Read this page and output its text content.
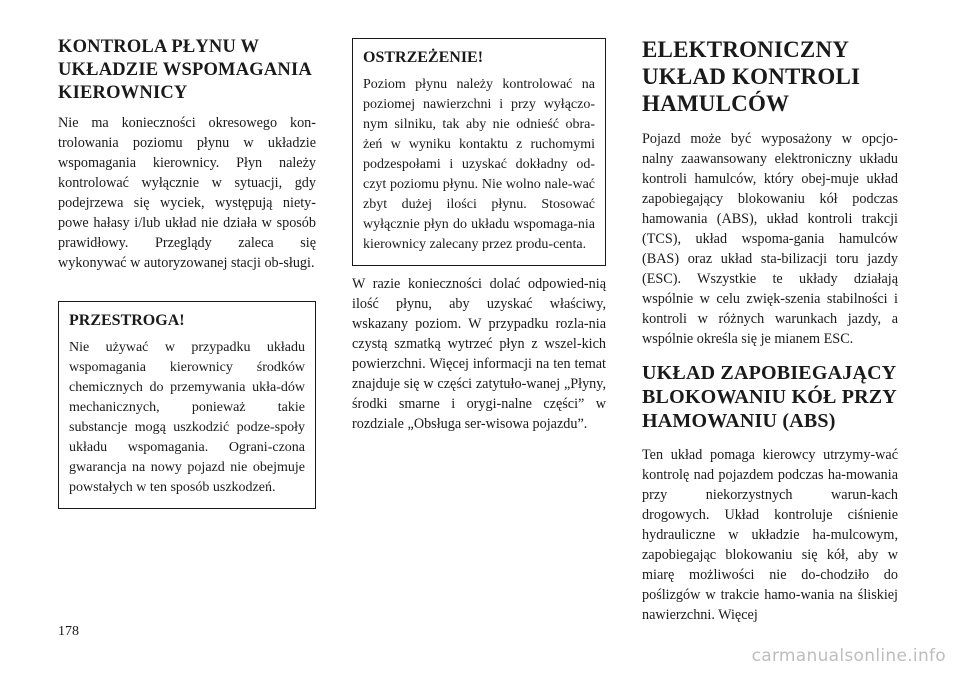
KONTROLA PŁYNU W UKŁADZIE WSPOMAGANIA KIEROWNICY

Nie ma konieczności okresowego kon-trolowania poziomu płynu w układzie wspomagania kierownicy. Płyn należy kontrolować wyłącznie w sytuacji, gdy podejrzewa się wyciek, występują niety-powe hałasy i/lub układ nie działa w sposób prawidłowy. Przeglądy zaleca się wykonywać w autoryzowanej stacji ob-sługi.

PRZESTROGA!

Nie używać w przypadku układu wspomagania kierownicy środków chemicznych do przemywania ukła-dów mechanicznych, ponieważ takie substancje mogą uszkodzić podze-społy układu wspomagania. Ograni-czona gwarancja na nowy pojazd nie obejmuje powstałych w ten sposób uszkodzeń.

OSTRZEŻENIE!

Poziom płynu należy kontrolować na poziomej nawierzchni i przy wyłączo-nym silniku, tak aby nie odnieść obra-żeń w wyniku kontaktu z ruchomymi podzespołami i uzyskać dokładny od-czyt poziomu płynu. Nie wolno nale-wać zbyt dużej ilości płynu. Stosować wyłącznie płyn do układu wspomaga-nia kierownicy zalecany przez produ-centa.

W razie konieczności dolać odpowied-nią ilość płynu, aby uzyskać właściwy, wskazany poziom. W przypadku rozla-nia czystą szmatką wytrzeć płyn z wszel-kich powierzchni. Więcej informacji na ten temat znajduje się w części zatytuło-wanej „Płyny, środki smarne i orygi-nalne części” w rozdziale „Obsługa ser-wisowa pojazdu”.

ELEKTRONICZNY UKŁAD KONTROLI HAMULCÓW

Pojazd może być wyposażony w opcjo-nalny zaawansowany elektroniczny układu kontroli hamulców, który obej-muje układ zapobiegający blokowaniu kół podczas hamowania (ABS), układ kontroli trakcji (TCS), układ wspoma-gania hamulców (BAS) oraz układ sta-bilizacji toru jazdy (ESC). Wszystkie te układy działają wspólnie w celu zwięk-szenia stabilności i kontroli w różnych warunkach jazdy, a wspólnie określa się je mianem ESC.

UKŁAD ZAPOBIEGAJĄCY BLOKOWANIU KÓŁ PRZY HAMOWANIU (ABS)

Ten układ pomaga kierowcy utrzymy-wać kontrolę nad pojazdem podczas ha-mowania przy niekorzystnych warun-kach drogowych. Układ kontroluje ciśnienie hydrauliczne w układzie ha-mulcowym, zapobiegając blokowaniu się kół, aby w miarę możliwości nie do-chodziło do poślizgów w trakcie hamo-wania na śliskiej nawierzchni. Więcej

178
carmanualsonline.info
